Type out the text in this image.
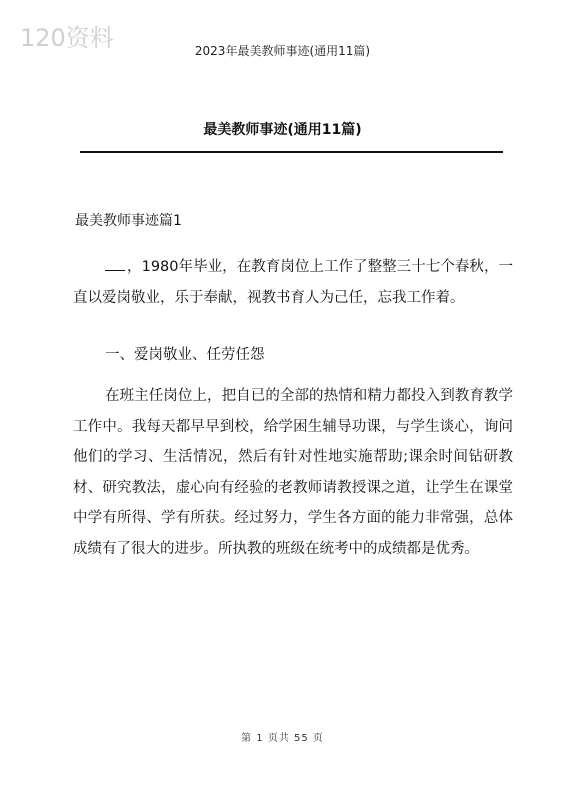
120资料	2023年最美教师事迹(通用11篇)
最美教师事迹(通用11篇)
最美教师事迹篇1

，1980年毕业，在教育岗位上工作了整整三十七个春秋，一直以爱岗敬业，乐于奉献，视教书育人为己任，忘我工作着。

一、爱岗敬业、任劳任怨

在班主任岗位上，把自已的全部的热情和精力都投入到教育教学工作中。我每天都早早到校，给学困生辅导功课，与学生谈心，询问他们的学习、生活情况，然后有针对性地实施帮助;课余时间钻研教材、研究教法，虚心向有经验的老教师请教授课之道，让学生在课堂中学有所得、学有所获。经过努力，学生各方面的能力非常强，总体成绩有了很大的进步。所执教的班级在统考中的成绩都是优秀。

第 1 页共 55 页
